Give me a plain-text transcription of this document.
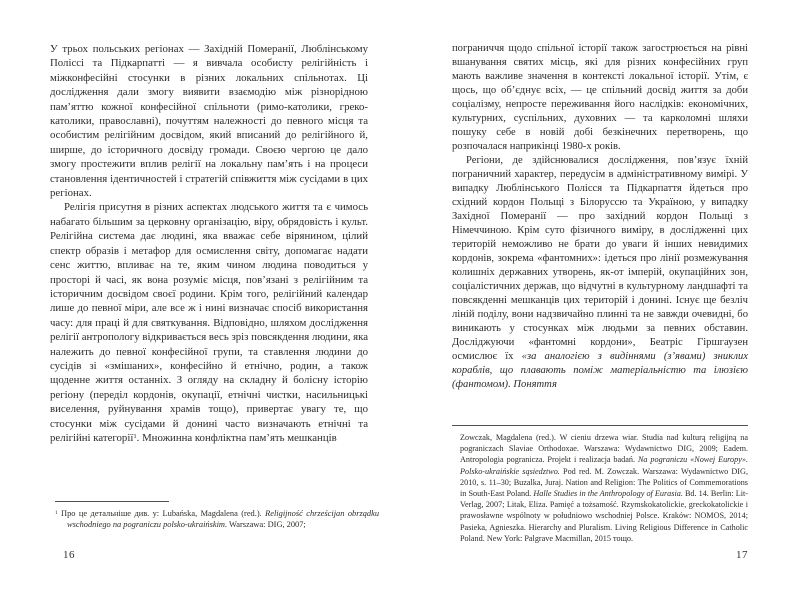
У трьох польських регіонах — Західній Померанії, Люблінському Поліссі та Підкарпатті — я вивчала особисту релігійність і міжконфесійні стосунки в різних локальних спільнотах. Ці дослідження дали змогу виявити взаємодію між різнорідною пам’яттю кожної конфесійної спільноти (римо-католики, греко-католики, православні), почуттям належності до певного місця та особистим релігійним досвідом, який вписаний до релігійного й, ширше, до історичного досвіду громади. Своєю чергою це дало змогу простежити вплив релігії на локальну пам’ять і на процеси становлення ідентичностей і стратегій співжиття між сусідами в цих регіонах.

Релігія присутня в різних аспектах людського життя та є чимось набагато більшим за церковну організацію, віру, обрядовість і культ. Релігійна система дає людині, яка вважає себе вірянином, цілий спектр образів і метафор для осмислення світу, допомагає надати сенс життю, впливає на те, яким чином людина поводиться у просторі й часі, як вона розуміє місця, пов’язані з релігійним та історичним досвідом своєї родини. Крім того, релігійний календар лише до певної міри, але все ж і нині визначає спосіб використання часу: для праці й для святкування. Відповідно, шляхом дослідження релігії антропологу відкривається весь зріз повсякдення людини, яка належить до певної конфесійної групи, та ставлення людини до сусідів зі «змішаних», конфесійно й етнічно, родин, а також щоденне життя останніх. З огляду на складну й болісну історію регіону (переділ кордонів, окупації, етнічні чистки, насильницькі виселення, руйнування храмів тощо), привертає увагу те, що стосунки між сусідами й донині часто визначають етнічні та релігійні категорії$^1$. Множинна конфліктна пам’ять мешканців

$^1$ Про це детальніше див. у: Lubańska, Magdalena (red.). Religijność chrześcijan obrządku wschodniego na pograniczu polsko-ukraińskim. Warszawa: DIG, 2007;
16

пограниччя щодо спільної історії також загострюється на рівні вшанування святих місць, які для різних конфесійних груп мають важливе значення в контексті локальної історії. Утім, є щось, що об’єднує всіх, — це спільний досвід життя за доби соціалізму, непросте переживання його наслідків: економічних, культурних, суспільних, духовних — та карколомні шляхи пошуку себе в новій добі безкінечних перетворень, що розпочалася наприкінці 1980-х років.

Регіони, де здійснювалися дослідження, пов’язує їхній пограничний характер, передусім в адміністративному вимірі. У випадку Люблінського Полісся та Підкарпаття йдеться про східний кордон Польщі з Білоруссю та Україною, у випадку Західної Померанії — про західний кордон Польщі з Німеччиною. Крім суто фізичного виміру, в дослідженні цих територій неможливо не брати до уваги й інших невидимих кордонів, зокрема «фантомних»: ідеться про лінії розмежування колишніх державних утворень, як-от імперій, окупаційних зон, соціалістичних держав, що відчутні в культурному ландшафті та повсякденні мешканців цих територій і донині. Існує ще безліч ліній поділу, вони надзвичайно плинні та не завжди очевидні, бо виникають у стосунках між людьми за певних обставин. Досліджуючи «фантомні кордони», Беатріс Гіршгаузен осмислює їх «за аналогією з видіннями (з’явами) зниклих кораблів, що плавають поміж матеріальністю та ілюзією (фантомом). Поняття

Zowczak, Magdalena (red.). W cieniu drzewa wiar. Studia nad kulturą religijną na pograniczach Slaviae Orthodoxae. Warszawa: Wydawnictwo DIG, 2009; Eadem. Antropologia pogranicza. Projekt i realizacja badań. Na pograniczu «Nowej Europy». Polsko-ukraińskie sąsiedztwo. Pod red. M. Zowczak. Warszawa: Wydawnictwo DIG, 2010, s. 11–30; Buzalka, Juraj. Nation and Religion: The Politics of Commemorations in South-East Poland. Halle Studies in the Anthropology of Eurasia. Bd. 14. Berlin: Lit-Verlag, 2007; Litak, Eliza. Pamięć a tożsamość. Rzymskokatolickie, greckokatolickie i prawosławne wspólnoty w południowo wschodniej Polsce. Kraków: NOMOS, 2014; Pasieka, Agnieszka. Hierarchy and Pluralism. Living Religious Difference in Catholic Poland. New York: Palgrave Macmillan, 2015 тощо.
17
